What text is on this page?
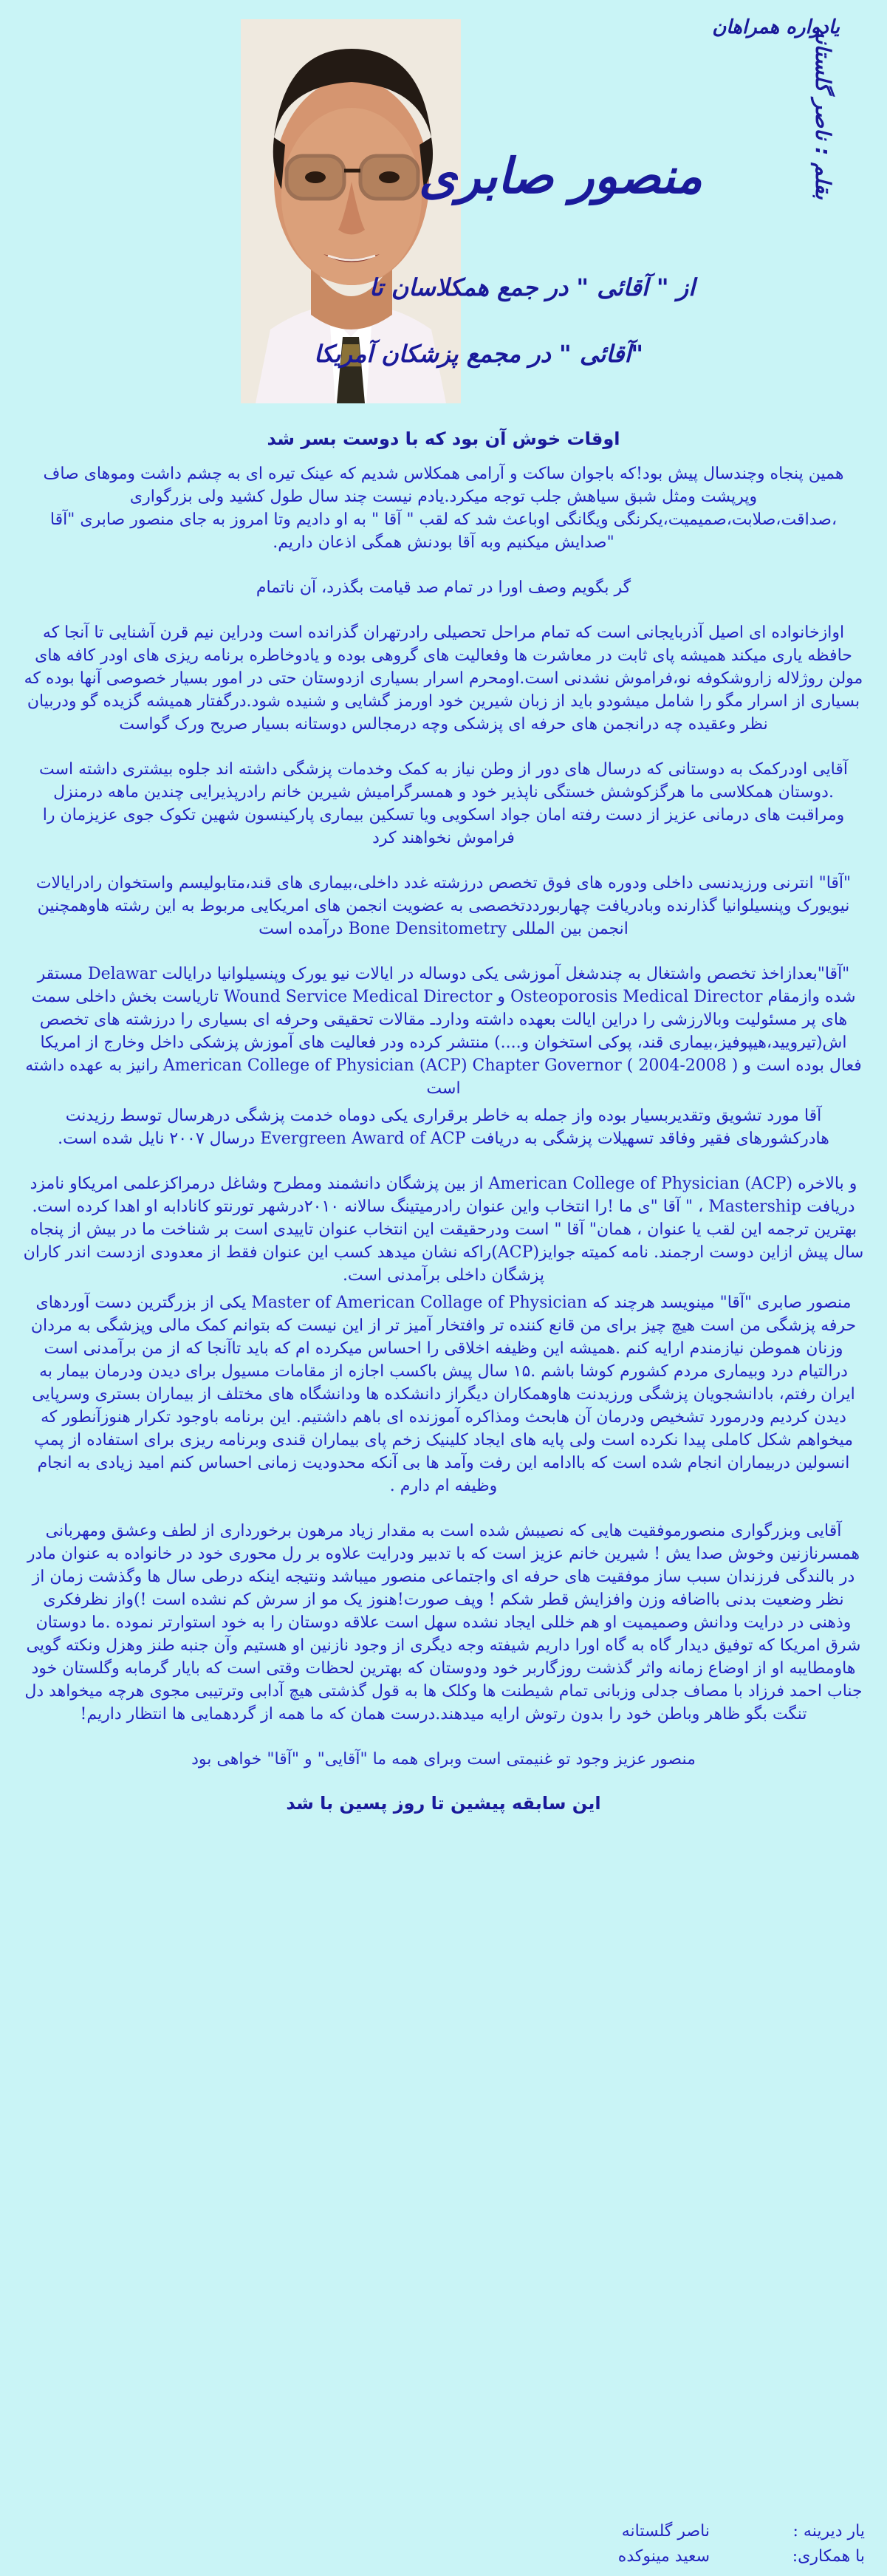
یادواره همراهان
منصور صابری	بقلم : ناصر گلستانه
از " آقائی " در جمع همکلاسان تا
"آقائی " در مجمع پزشکان آمریکا
اوقات خوش آن بود که با دوست بسر شد

همین پنجاه وچندسال پیش بود!که باجوان ساکت و آرامی همکلاس شدیم که عینک تیره ای به چشم داشت وموهای صاف وپرپشت ومثل شبق سیاهش جلب توجه میکرد.یادم نیست چند سال طول کشید ولی بزرگواری ،صداقت،صلابت،صمیمیت،یکرنگی ویگانگی اوباعث شد که لقب " آقا " به او دادیم وتا امروز به جای منصور صابری "آقا "صدایش میکنیم وبه آقا بودنش همگی اذعان داریم.

گر بگویم وصف اورا در تمام صد قیامت بگذرد، آن ناتمام

اوازخانواده ای اصیل آذربایجانی است که تمام مراحل تحصیلی رادرتهران گذرانده است ودراین نیم قرن آشنایی تا آنجا که حافظه یاری میکند همیشه پای ثابت در معاشرت ها وفعالیت های گروهی بوده و یادوخاطره برنامه ریزی های اودر کافه های مولن روژلاله زاروشکوفه نو،فراموش نشدنی است.اومحرم اسرار بسیاری ازدوستان حتی در امور بسیار خصوصی آنها بوده که بسیاری از اسرار مگو را شامل میشودو باید از زبان شیرین خود اورمز گشایی و شنیده شود.درگفتار همیشه گزیده گو ودربیان نظر وعقیده چه درانجمن های حرفه ای پزشکی وچه درمجالس دوستانه بسیار صریح ورک گواست

آقایی اودرکمک به دوستانی که درسال های دور از وطن نیاز به کمک وخدمات پزشگی داشته اند جلوه بیشتری داشته است .دوستان همکلاسی ما هرگزکوشش خستگی ناپذیر خود و همسرگرامیش شیرین خانم رادرپذیرایی چندین ماهه درمنزل ومراقبت های درمانی عزیز از دست رفته امان جواد اسکویی ویا تسکین بیماری پارکینسون شهین تکوک جوی عزیزمان را فراموش نخواهند کرد

"آقا" انترنی ورزیدنسی داخلی ودوره های فوق تخصص درزشته غدد داخلی،بیماری های قند،متابولیسم واستخوان رادرایالات نیویورک وپنسیلوانیا گذارنده وبادریافت چهاربورددتخصصی به عضویت انجمن های امریکایی مربوط به این رشته هاوهمچنین انجمن بین المللی Bone Densitometry درآمده است

"آقا"بعدازاخذ تخصص واشتغال به چندشغل آموزشی یکی دوساله در ایالات نیو یورک وپنسیلوانیا درایالت Delawar مستقر شده وازمقام Osteoporosis Medical Director و Wound Service Medical Director تارياست بخش داخلی سمت های پر مسئولیت وبالارزشی را دراین ایالت بعهده داشته وداردـ مقالات تحقیقی وحرفه ای بسیاری را درزشته های تخصص اش(تیرویید،هیپوفیز،بیماری قند، پوکی استخوان و....) منتشر کرده ودر فعالیت های آموزش پزشکی داخل وخارج از امریکا فعال بوده است و American College of Physician (ACP) Chapter Governor ( 2004-2008 ) رانیز به عهده داشته است

آقا مورد تشویق وتقدیربسیار بوده واز جمله به خاطر برقراری یکی دوماه خدمت پزشگی درهرسال توسط رزیدنت هادرکشورهای فقیر وفاقد تسهیلات پزشگی به دریافت Evergreen Award of ACP درسال ۲۰۰۷ نایل شده است.

و بالاخره American College of Physician (ACP) از بین پزشگان دانشمند ومطرح وشاغل درمراکزعلمی امریکاو نامزد دریافت Mastership ، " آقا "ی ما !را انتخاب واین عنوان رادرمیتینگ سالانه ۲۰۱۰درشهر تورنتو کانادابه او اهدا کرده است. بهترین ترجمه این لقب یا عنوان ، همان" آقا " است ودرحقیقت این انتخاب عنوان تاییدی است بر شناخت ما در بیش از پنجاه سال پیش ازاین دوست ارجمند. نامه کمیته جوایز(ACP)راکه نشان میدهد کسب این عنوان فقط از معدودی ازدست اندر کاران پزشگان داخلی برآمدنی است.

منصور صابری "آقا" مینویسد هرچند که Master of American Collage of Physician یکی از بزرگترین دست آوردهای حرفه پزشگی من است هیچ چیز برای من قانع کننده تر وافتخار آمیز تر از این نیست که بتوانم کمک مالی وپزشگی به مردان وزنان هموطن نیازمندم ارایه کنم .همیشه این وظیفه اخلاقی را احساس میکرده ام که باید تاآنجا که از من برآمدنی است درالتیام درد وبیماری مردم کشورم کوشا باشم .۱۵ سال پیش باکسب اجازه از مقامات مسیول برای دیدن ودرمان بیمار به ایران رفتم، بادانشجویان پزشگی ورزیدنت هاوهمکاران دیگراز دانشکده ها ودانشگاه های مختلف از بیماران بستری وسرپایی دیدن کردیم ودرمورد تشخیص ودرمان آن هابحث ومذاکره آموزنده ای باهم داشتیم. این برنامه باوجود تکرار هنوزآنطور که میخواهم شکل کاملی پیدا نکرده است ولی پایه های ایجاد کلینیک زخم پای بیماران قندی وبرنامه ریزی برای استفاده از پمپ انسولین دربیماران انجام شده است که باادامه این رفت وآمد ها بی آنکه محدودیت زمانی احساس کنم امید زیادی به انجام وظیفه ام دارم .

آقایی وبزرگواری منصورموفقیت هایی که نصیبش شده است به مقدار زیاد مرهون برخورداری از لطف وعشق ومهربانی همسرنازنین وخوش صدا یش ! شیرین خانم عزیز است که با تدبیر ودرایت علاوه بر رل محوری خود در خانواده به عنوان مادر در بالندگی فرزندان سبب ساز موفقیت های حرفه ای واجتماعی منصور میباشد ونتیجه اینکه درطی سال ها وگذشت زمان از نظر وضعیت بدنی بااضافه وزن وافزایش قطر شکم ! وپف صورت!هنوز یک مو از سرش کم نشده است !)واز نظرفکری وذهنی در درایت ودانش وصمیمیت او هم خللی ایجاد نشده سهل است علاقه دوستان را به خود استوارتر نموده .ما دوستان شرق امریکا که توفیق دیدار گاه به گاه اورا داریم شیفته وجه دیگری از وجود نازنین او هستیم وآن جنبه طنز وهزل ونکته گویی هاومطایبه او از اوضاع زمانه واثر گذشت روزگاربر خود ودوستان که بهترین لحظات وقتی است که بایار گرمابه وگلستان خود جناب احمد فرزاد با مصاف جدلی وزبانی تمام شیطنت ها وکلک ها به قول گذشتی هیچ آدابی وترتیبی مجوی هرچه میخواهد دل تنگت بگو ظاهر وباطن خود را بدون رتوش ارایه میدهند.درست همان که ما همه از گردهمایی ها انتظار داریم!

منصور عزیز وجود تو غنیمتی است وبرای همه ما "آقایی" و "آقا" خواهی بود

این سابقه پیشین تا روز پسین با شد
یار دیرینه :
ناصر گلستانه
با همکاری:
سعید مینوکده
